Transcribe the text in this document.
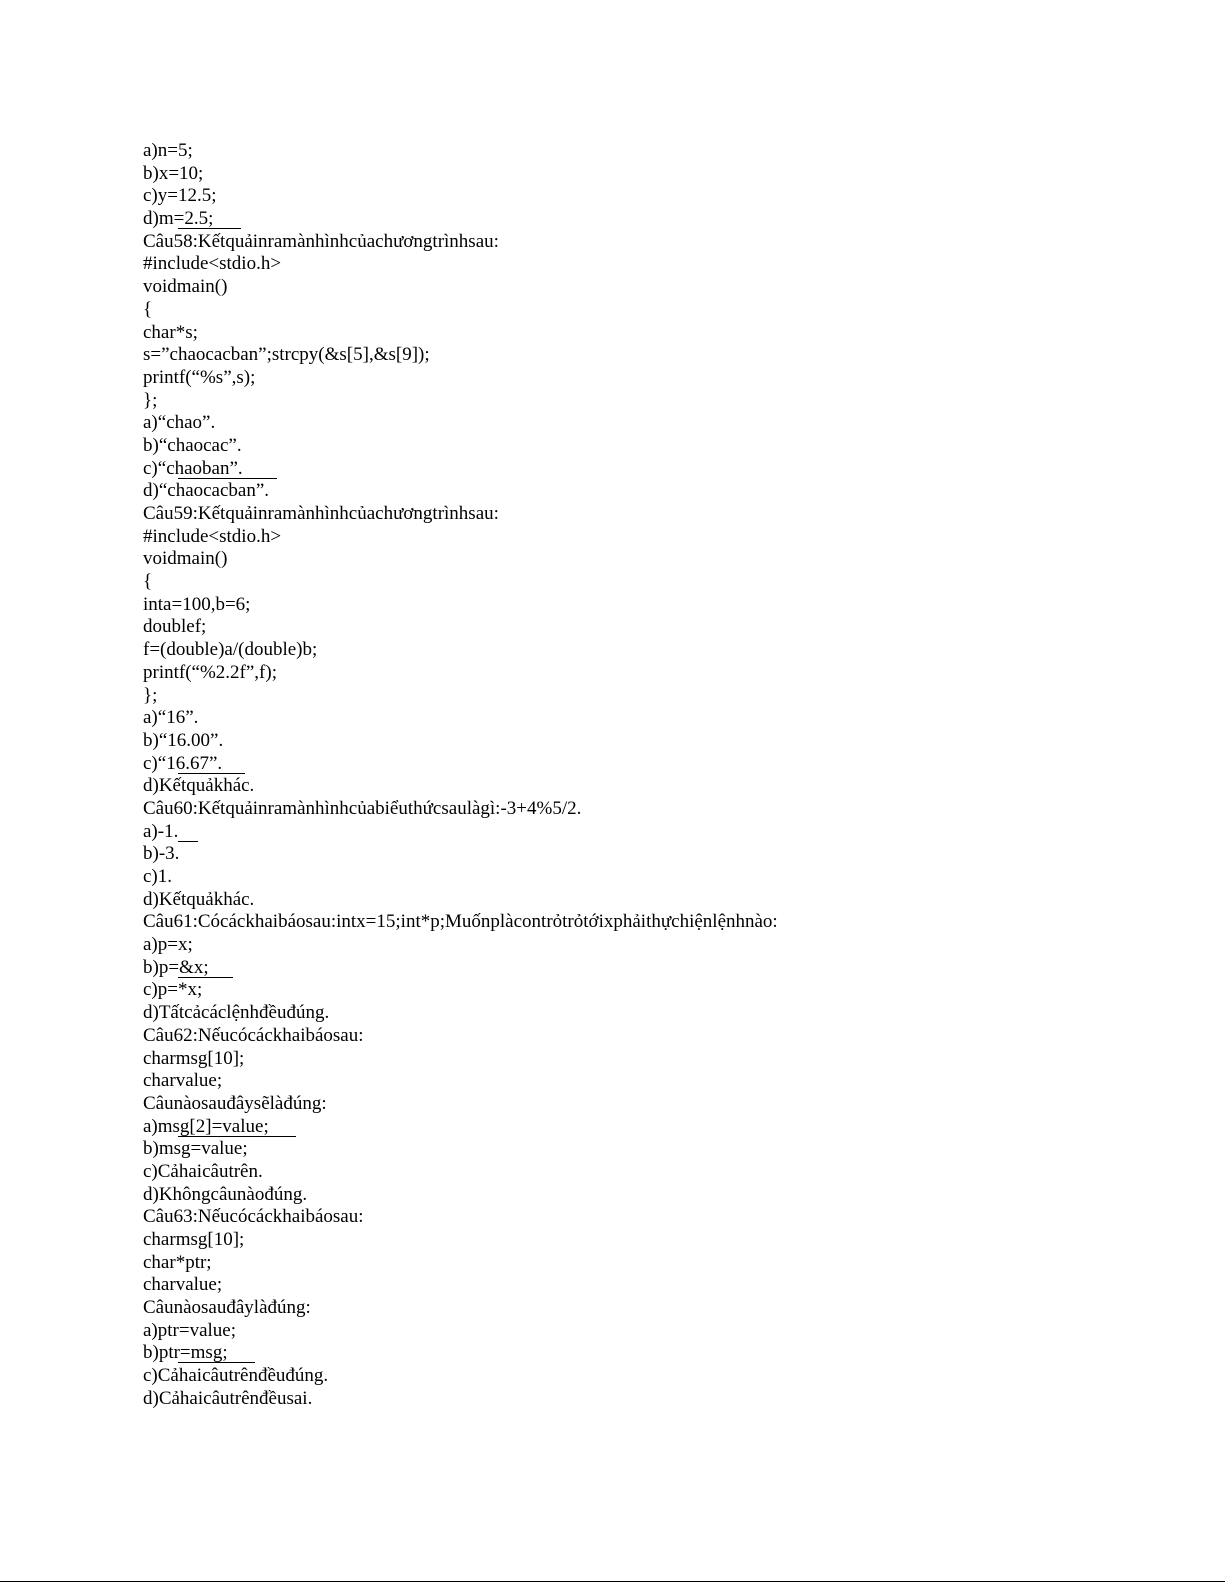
a)n=5;
b)x=10;
c)y=12.5;
d)m=2.5;
Câu58:Kếtquảinramànhìnhcủachươngtrìnhsau:
#include<stdio.h>
voidmain()
{
char*s;
s=”chaocacban”;strcpy(&s[5],&s[9]);
printf(“%s”,s);
};
a)“chao”.
b)“chaocac”.
c)“chaoban”.
d)“chaocacban”.
Câu59:Kếtquảinramànhìnhcủachươngtrìnhsau:
#include<stdio.h>
voidmain()
{
inta=100,b=6;
doublef;
f=(double)a/(double)b;
printf(“%2.2f”,f);
};
a)“16”.
b)“16.00”.
c)“16.67”.
d)Kếtquảkhác.
Câu60:Kếtquảinramànhìnhcủabiểuthứcsaulàgì:-3+4%5/2.
a)-1.
b)-3.
c)1.
d)Kếtquảkhác.
Câu61:Cócáckhaibáosau:intx=15;int*p;Muốnplàcontrỏtrỏtớixphảithựchiệnlệnhnào:
a)p=x;
b)p=&x;
c)p=*x;
d)Tấtcảcáclệnhđềuđúng.
Câu62:Nếucócáckhaibáosau:
charmsg[10];
charvalue;
Câunàosauđâysẽlàđúng:
a)msg[2]=value;
b)msg=value;
c)Cảhaicâutrên.
d)Khôngcâunàođúng.
Câu63:Nếucócáckhaibáosau:
charmsg[10];
char*ptr;
charvalue;
Câunàosauđâylàđúng:
a)ptr=value;
b)ptr=msg;
c)Cảhaicâutrênđềuđúng.
d)Cảhaicâutrênđềusai.
